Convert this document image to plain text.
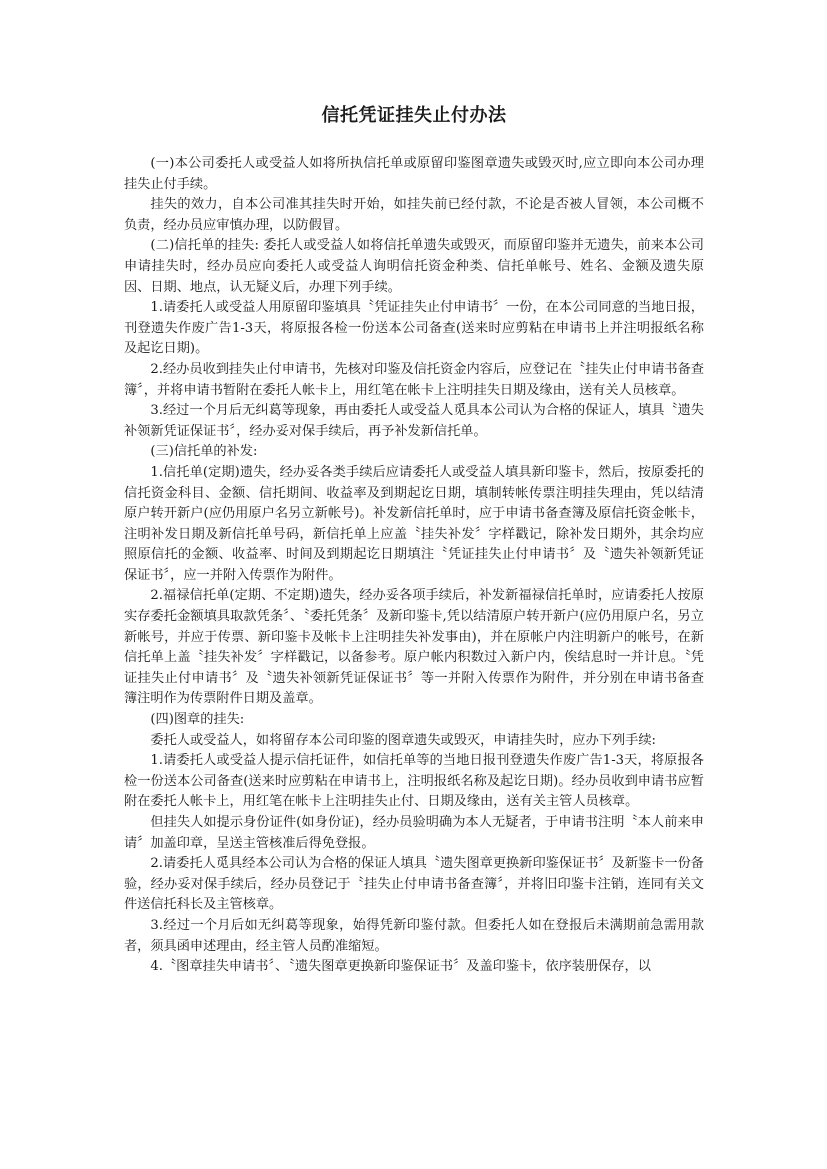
信托凭证挂失止付办法

(一)本公司委托人或受益人如将所执信托单或原留印鉴图章遗失或毁灭时,应立即向本公司办理挂失止付手续。

挂失的效力，自本公司准其挂失时开始，如挂失前已经付款，不论是否被人冒领，本公司概不负责，经办员应审慎办理，以防假冒。

(二)信托单的挂失: 委托人或受益人如将信托单遗失或毁灭，而原留印鉴并无遗失，前来本公司申请挂失时，经办员应向委托人或受益人询明信托资金种类、信托单帐号、姓名、金额及遗失原因、日期、地点，认无疑义后，办理下列手续。

1.请委托人或受益人用原留印鉴填具〝凭证挂失止付申请书〞一份，在本公司同意的当地日报，刊登遗失作废广告1-3天，将原报各检一份送本公司备查(送来时应剪粘在申请书上并注明报纸名称及起讫日期)。

2.经办员收到挂失止付申请书，先核对印鉴及信托资金内容后，应登记在〝挂失止付申请书备查簿〞，并将申请书暂附在委托人帐卡上，用红笔在帐卡上注明挂失日期及缘由，送有关人员核章。

3.经过一个月后无纠葛等现象，再由委托人或受益人觅具本公司认为合格的保证人，填具〝遗失补领新凭证保证书〞，经办妥对保手续后，再予补发新信托单。

(三)信托单的补发:

1.信托单(定期)遗失，经办妥各类手续后应请委托人或受益人填具新印鉴卡，然后，按原委托的信托资金科目、金额、信托期间、收益率及到期起讫日期，填制转帐传票注明挂失理由，凭以结清原户转开新户(应仍用原户名另立新帐号)。补发新信托单时，应于申请书备查簿及原信托资金帐卡，注明补发日期及新信托单号码，新信托单上应盖〝挂失补发〞字样戳记，除补发日期外，其余均应照原信托的金额、收益率、时间及到期起讫日期填注〝凭证挂失止付申请书〞及〝遗失补领新凭证保证书〞，应一并附入传票作为附件。

2.福禄信托单(定期、不定期)遗失，经办妥各项手续后，补发新福禄信托单时，应请委托人按原实存委托金额填具取款凭条〞、〝委托凭条〞及新印鉴卡,凭以结清原户转开新户(应仍用原户名，另立新帐号，并应于传票、新印鉴卡及帐卡上注明挂失补发事由)，并在原帐户内注明新户的帐号，在新信托单上盖〝挂失补发〞字样戳记，以备参考。原户帐内积数过入新户内，俟结息时一并计息。〝凭证挂失止付申请书〞及〝遗失补领新凭证保证书〞等一并附入传票作为附件，并分别在申请书备查簿注明作为传票附件日期及盖章。

(四)图章的挂失:

委托人或受益人，如将留存本公司印鉴的图章遗失或毁灭，申请挂失时，应办下列手续:

1.请委托人或受益人提示信托证件，如信托单等的当地日报刊登遗失作废广告1-3天，将原报各检一份送本公司备查(送来时应剪粘在申请书上，注明报纸名称及起讫日期)。经办员收到申请书应暂附在委托人帐卡上，用红笔在帐卡上注明挂失止付、日期及缘由，送有关主管人员核章。

但挂失人如提示身份证件(如身份证)，经办员验明确为本人无疑者，于申请书注明〝本人前来申请〞加盖印章，呈送主管核准后得免登报。

2.请委托人觅具经本公司认为合格的保证人填具〝遗失图章更换新印鉴保证书〞及新鉴卡一份备验，经办妥对保手续后，经办员登记于〝挂失止付申请书备查簿〞，并将旧印鉴卡注销，连同有关文件送信托科长及主管核章。

3.经过一个月后如无纠葛等现象，始得凭新印鉴付款。但委托人如在登报后未满期前急需用款者，须具函申述理由，经主管人员酌准缩短。

4.〝图章挂失申请书〞、〝遗失图章更换新印鉴保证书〞及盖印鉴卡，依序装册保存，以
